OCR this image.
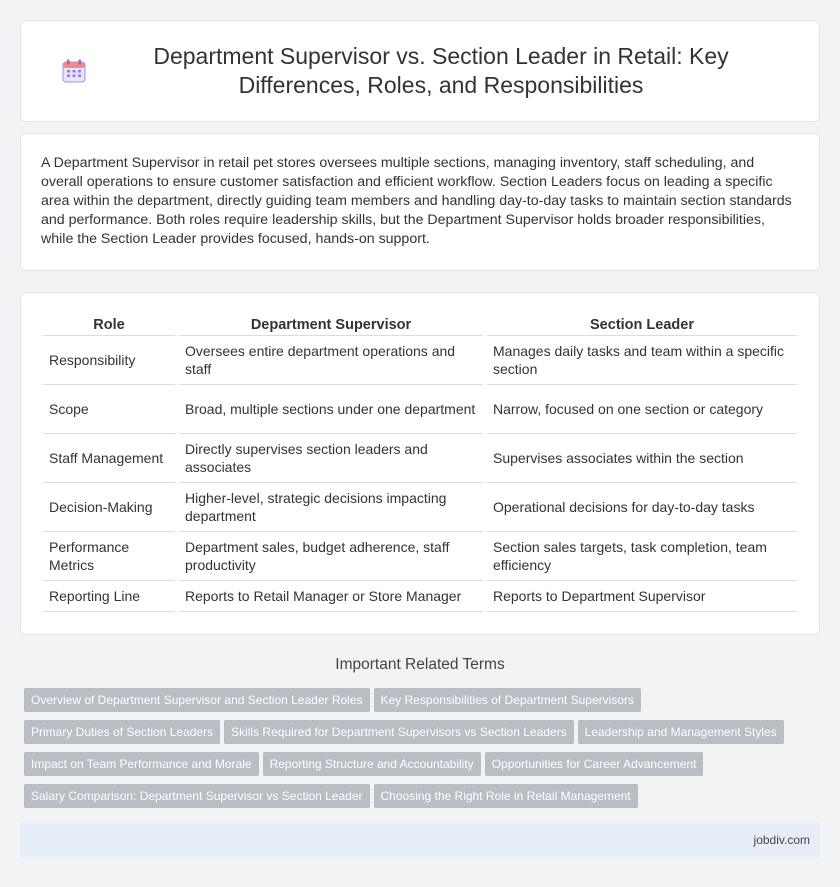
Department Supervisor vs. Section Leader in Retail: Key Differences, Roles, and Responsibilities

A Department Supervisor in retail pet stores oversees multiple sections, managing inventory, staff scheduling, and overall operations to ensure customer satisfaction and efficient workflow. Section Leaders focus on leading a specific area within the department, directly guiding team members and handling day-to-day tasks to maintain section standards and performance. Both roles require leadership skills, but the Department Supervisor holds broader responsibilities, while the Section Leader provides focused, hands-on support.

Role	Department Supervisor	Section Leader
Responsibility	Oversees entire department operations and staff	Manages daily tasks and team within a specific section
Scope	Broad, multiple sections under one department	Narrow, focused on one section or category
Staff Management	Directly supervises section leaders and associates	Supervises associates within the section
Decision-Making	Higher-level, strategic decisions impacting department	Operational decisions for day-to-day tasks
Performance Metrics	Department sales, budget adherence, staff productivity	Section sales targets, task completion, team efficiency
Reporting Line	Reports to Retail Manager or Store Manager	Reports to Department Supervisor
Important Related Terms
Overview of Department Supervisor and Section Leader Roles Key Responsibilities of Department Supervisors
Primary Duties of Section Leaders Skills Required for Department Supervisors vs Section Leaders Leadership and Management Styles
Impact on Team Performance and Morale Reporting Structure and Accountability Opportunities for Career Advancement
Salary Comparison: Department Supervisor vs Section Leader Choosing the Right Role in Retail Management
jobdiv.com
